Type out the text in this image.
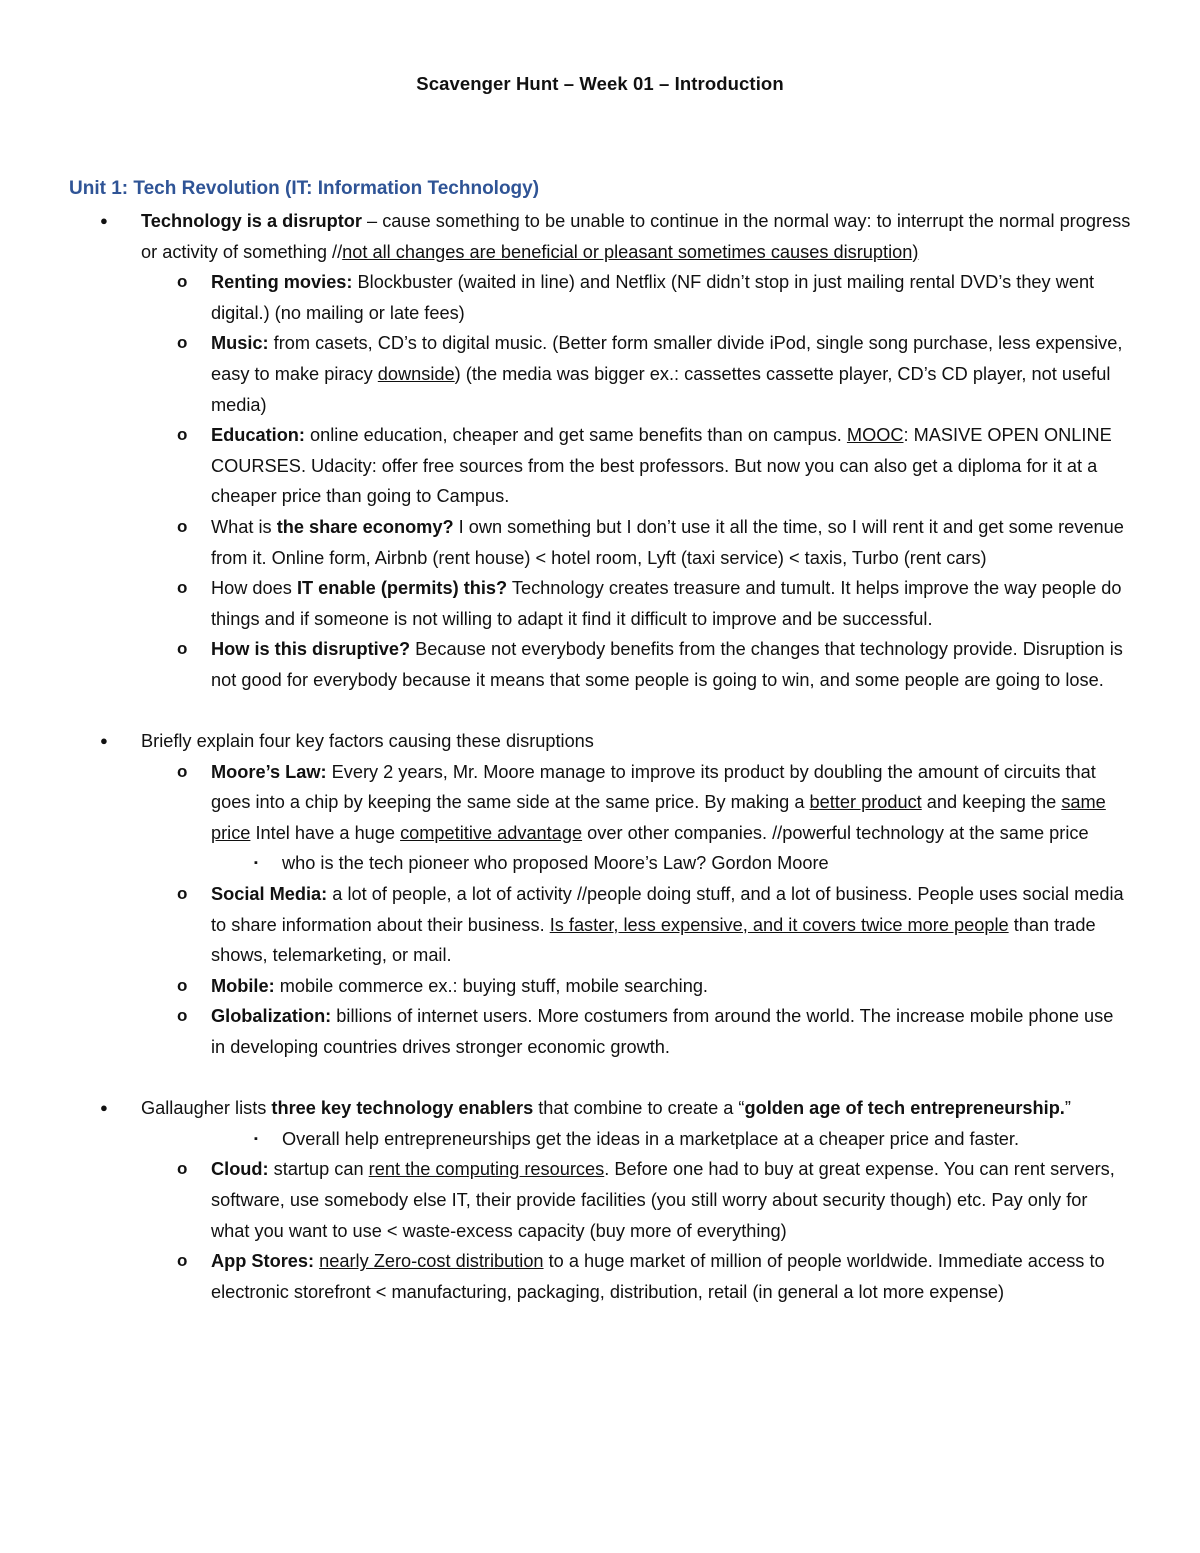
Scavenger Hunt – Week 01 – Introduction
Unit 1: Tech Revolution (IT: Information Technology)
● Technology is a disruptor – cause something to be unable to continue in the normal way: to interrupt the normal progress or activity of something //not all changes are beneficial or pleasant sometimes causes disruption)
o Renting movies: Blockbuster (waited in line) and Netflix (NF didn’t stop in just mailing rental DVD’s they went digital.) (no mailing or late fees)
o Music: from casets, CD’s to digital music. (Better form smaller divide iPod, single song purchase, less expensive, easy to make piracy downside) (the media was bigger ex.: cassettes cassette player, CD’s CD player, not useful media)
o Education: online education, cheaper and get same benefits than on campus. MOOC: MASIVE OPEN ONLINE COURSES. Udacity: offer free sources from the best professors. But now you can also get a diploma for it at a cheaper price than going to Campus.
o What is the share economy? I own something but I don’t use it all the time, so I will rent it and get some revenue from it. Online form, Airbnb (rent house) < hotel room, Lyft (taxi service) < taxis, Turbo (rent cars)
o How does IT enable (permits) this? Technology creates treasure and tumult. It helps improve the way people do things and if someone is not willing to adapt it find it difficult to improve and be successful.
o How is this disruptive? Because not everybody benefits from the changes that technology provide. Disruption is not good for everybody because it means that some people is going to win, and some people are going to lose.
● Briefly explain four key factors causing these disruptions
o Moore’s Law: Every 2 years, Mr. Moore manage to improve its product by doubling the amount of circuits that goes into a chip by keeping the same side at the same price. By making a better product and keeping the same price Intel have a huge competitive advantage over other companies. //powerful technology at the same price
▪ who is the tech pioneer who proposed Moore’s Law? Gordon Moore
o Social Media: a lot of people, a lot of activity //people doing stuff, and a lot of business. People uses social media to share information about their business. Is faster, less expensive, and it covers twice more people than trade shows, telemarketing, or mail.
o Mobile: mobile commerce ex.: buying stuff, mobile searching.
o Globalization: billions of internet users. More costumers from around the world. The increase mobile phone use in developing countries drives stronger economic growth.
● Gallaugher lists three key technology enablers that combine to create a “golden age of tech entrepreneurship.”
▪ Overall help entrepreneurships get the ideas in a marketplace at a cheaper price and faster.
o Cloud: startup can rent the computing resources. Before one had to buy at great expense. You can rent servers, software, use somebody else IT, their provide facilities (you still worry about security though) etc. Pay only for what you want to use < waste-excess capacity (buy more of everything)
o App Stores: nearly Zero-cost distribution to a huge market of million of people worldwide. Immediate access to electronic storefront < manufacturing, packaging, distribution, retail (in general a lot more expense)
